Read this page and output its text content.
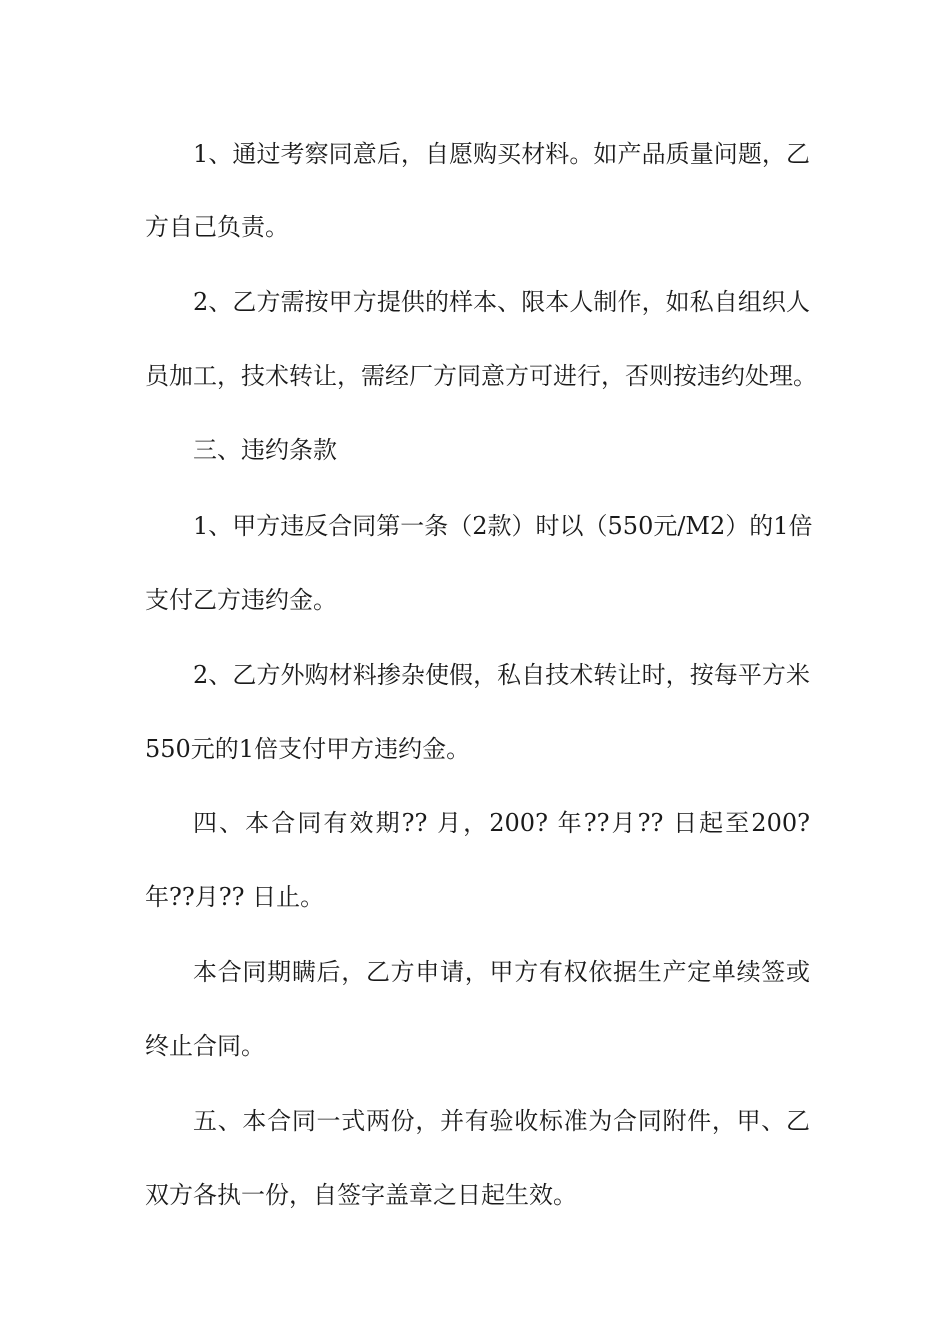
1、通过考察同意后，自愿购买材料。如产品质量问题，乙
方自己负责。
2、乙方需按甲方提供的样本、限本人制作，如私自组织人
员加工，技术转让，需经厂方同意方可进行，否则按违约处理。
三、违约条款
1、甲方违反合同第一条（2款）时以（550元/M2）的1倍
支付乙方违约金。
2、乙方外购材料掺杂使假，私自技术转让时，按每平方米
550元的1倍支付甲方违约金。
四、本合同有效期?? 月，200? 年??月?? 日起至200?
年??月?? 日止。
本合同期瞒后，乙方申请，甲方有权依据生产定单续签或
终止合同。
五、本合同一式两份，并有验收标准为合同附件，甲、乙
双方各执一份，自签字盖章之日起生效。
